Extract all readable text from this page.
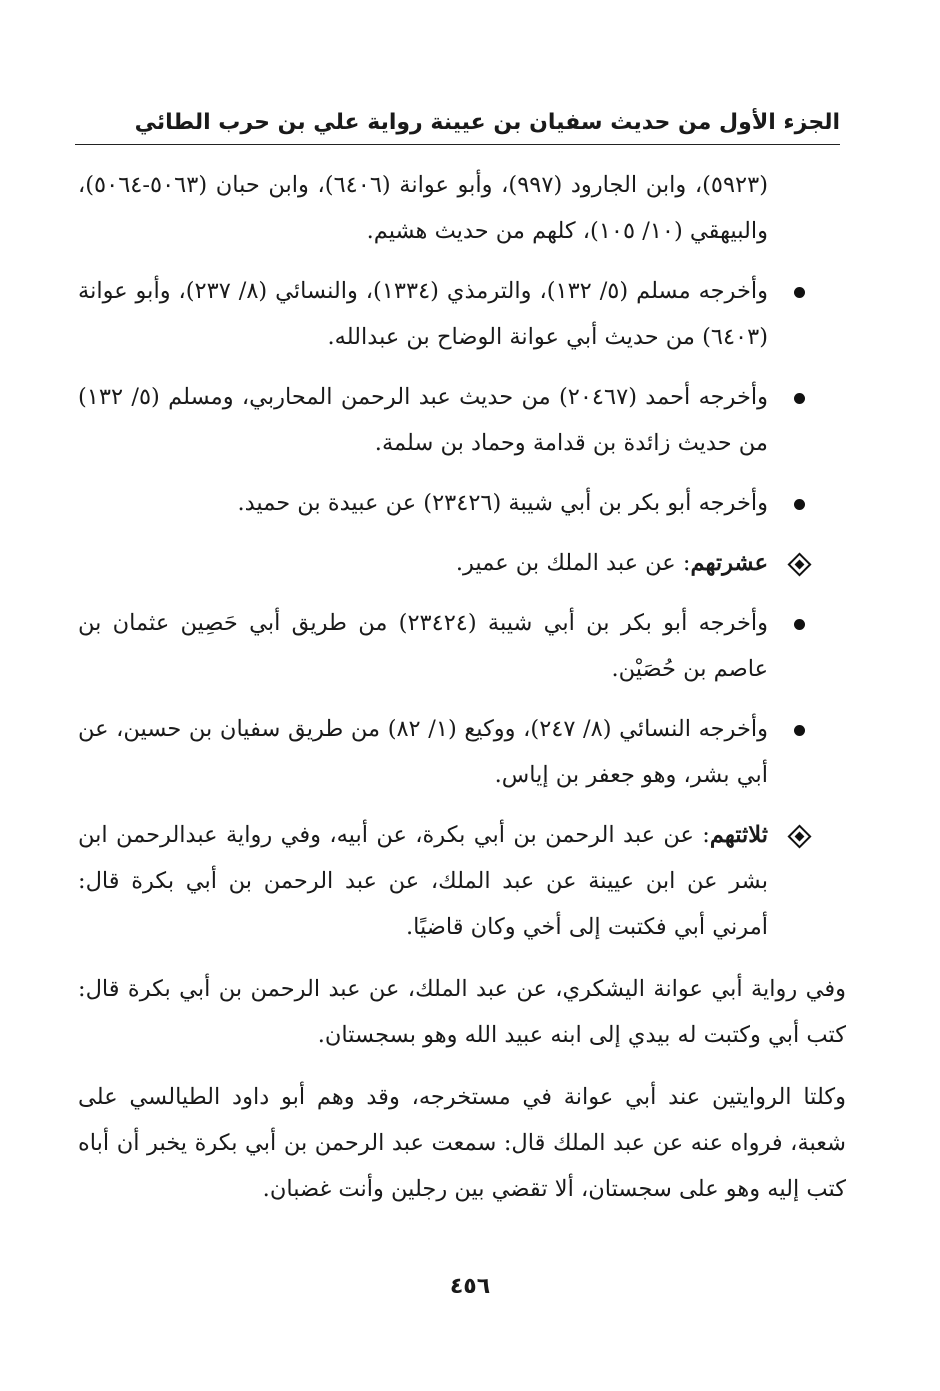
الجزء الأول من حديث سفيان بن عيينة رواية علي بن حرب الطائي

(٥٩٢٣)، وابن الجارود (٩٩٧)، وأبو عوانة (٦٤٠٦)، وابن حبان (٥٠٦٣-٥٠٦٤)، والبيهقي (١٠/ ١٠٥)، كلهم من حديث هشيم.

وأخرجه مسلم (٥/ ١٣٢)، والترمذي (١٣٣٤)، والنسائي (٨/ ٢٣٧)، وأبو عوانة (٦٤٠٣) من حديث أبي عوانة الوضاح بن عبدالله.

وأخرجه أحمد (٢٠٤٦٧) من حديث عبد الرحمن المحاربي، ومسلم (٥/ ١٣٢) من حديث زائدة بن قدامة وحماد بن سلمة.

وأخرجه أبو بكر بن أبي شيبة (٢٣٤٢٦) عن عبيدة بن حميد.

عشرتهم: عن عبد الملك بن عمير.

وأخرجه أبو بكر بن أبي شيبة (٢٣٤٢٤) من طريق أبي حَصِين عثمان بن عاصم بن حُصَيْن.

وأخرجه النسائي (٨/ ٢٤٧)، ووكيع (١/ ٨٢) من طريق سفيان بن حسين، عن أبي بشر، وهو جعفر بن إياس.

ثلاثتهم: عن عبد الرحمن بن أبي بكرة، عن أبيه، وفي رواية عبدالرحمن ابن بشر عن ابن عيينة عن عبد الملك، عن عبد الرحمن بن أبي بكرة قال: أمرني أبي فكتبت إلى أخي وكان قاضيًا.

وفي رواية أبي عوانة اليشكري، عن عبد الملك، عن عبد الرحمن بن أبي بكرة قال: كتب أبي وكتبت له بيدي إلى ابنه عبيد الله وهو بسجستان.

وكلتا الروايتين عند أبي عوانة في مستخرجه، وقد وهم أبو داود الطيالسي على شعبة، فرواه عنه عن عبد الملك قال: سمعت عبد الرحمن بن أبي بكرة يخبر أن أباه كتب إليه وهو على سجستان، ألا تقضي بين رجلين وأنت غضبان.

٤٥٦
